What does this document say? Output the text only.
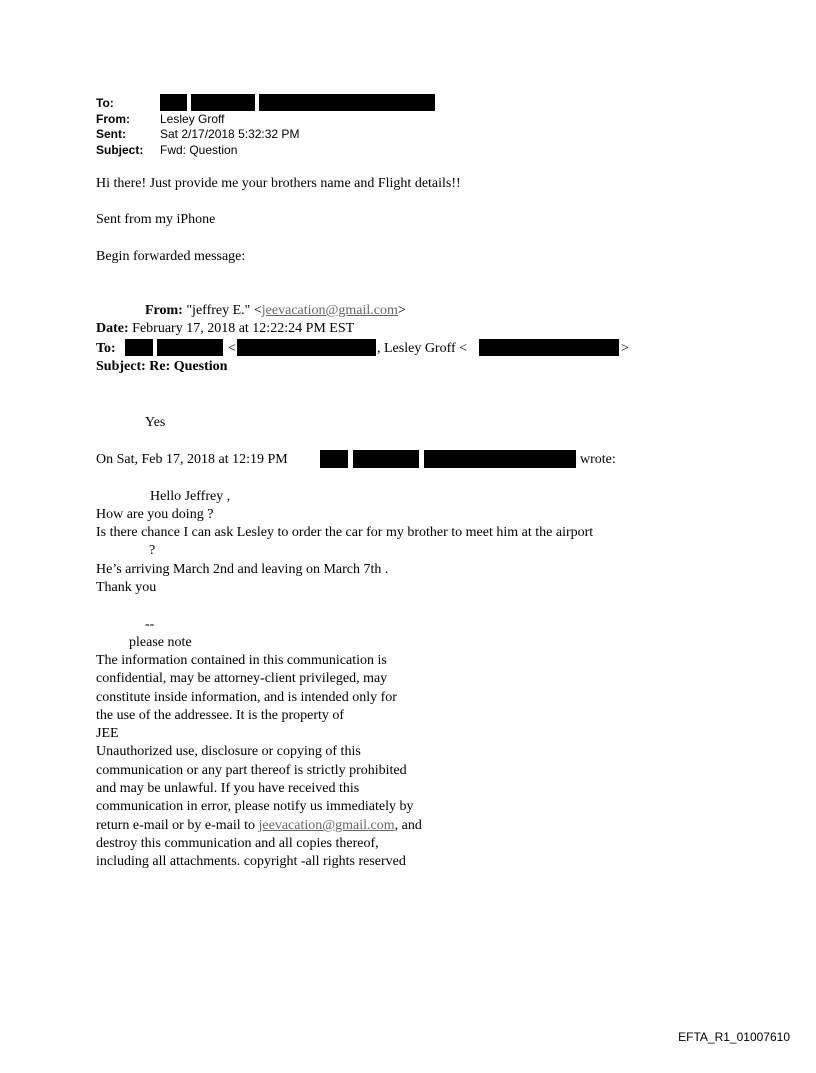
To:
From:	Lesley Groff
Sent:	Sat 2/17/2018 5:32:32 PM
Subject: Fwd: Question
Hi there! Just provide me your brothers name and Flight details!!
Sent from my iPhone
Begin forwarded message:
From: "jeffrey E." <jeevacation@gmail.com>
Date: February 17, 2018 at 12:22:24 PM EST
To:	<	, Lesley Groff <	>
Subject: Re: Question
Yes
On Sat, Feb 17, 2018 at 12:19 PM	wrote:
Hello Jeffrey ,
How are you doing ?
Is there chance I can ask Lesley to order the car for my brother to meet him at the airport
?
He’s arriving March 2nd and leaving on March 7th .
Thank you
--
please note
The information contained in this communication is
confidential, may be attorney-client privileged, may
constitute inside information, and is intended only for
the use of the addressee. It is the property of
JEE
Unauthorized use, disclosure or copying of this
communication or any part thereof is strictly prohibited
and may be unlawful. If you have received this
communication in error, please notify us immediately by
return e-mail or by e-mail to jeevacation@gmail.com, and
destroy this communication and all copies thereof,
including all attachments. copyright -all rights reserved
EFTA_R1_01007610
